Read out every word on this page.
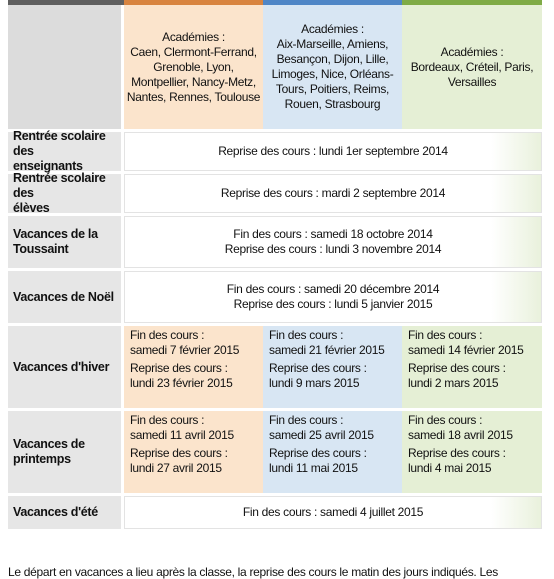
Académies :
Caen, Clermont-Ferrand,
Grenoble, Lyon,
Montpellier, Nancy-Metz,
Nantes, Rennes, Toulouse
Académies :
Aix-Marseille, Amiens,
Besançon, Dijon, Lille,
Limoges, Nice, Orléans-
Tours, Poitiers, Reims,
Rouen, Strasbourg
Académies :
Bordeaux, Créteil, Paris,
Versailles
Rentrée scolaire des
enseignants
Reprise des cours : lundi 1er septembre 2014
Rentrée scolaire des
élèves
Reprise des cours : mardi 2 septembre 2014
Vacances de la
Toussaint
Fin des cours : samedi 18 octobre 2014
Reprise des cours : lundi 3 novembre 2014
Vacances de Noël
Fin des cours : samedi 20 décembre 2014
Reprise des cours : lundi 5 janvier 2015
Vacances d'hiver
Fin des cours :
samedi 7 février 2015
Reprise des cours :
lundi 23 février 2015
Fin des cours :
samedi 21 février 2015
Reprise des cours :
lundi 9 mars 2015
Fin des cours :
samedi 14 février 2015
Reprise des cours :
lundi 2 mars 2015
Vacances de
printemps
Fin des cours :
samedi 11 avril 2015
Reprise des cours :
lundi 27 avril 2015
Fin des cours :
samedi 25 avril 2015
Reprise des cours :
lundi 11 mai 2015
Fin des cours :
samedi 18 avril 2015
Reprise des cours :
lundi 4 mai 2015
Vacances d'été	Fin des cours : samedi 4 juillet 2015
Le départ en vacances a lieu après la classe, la reprise des cours le matin des jours indiqués. Les
